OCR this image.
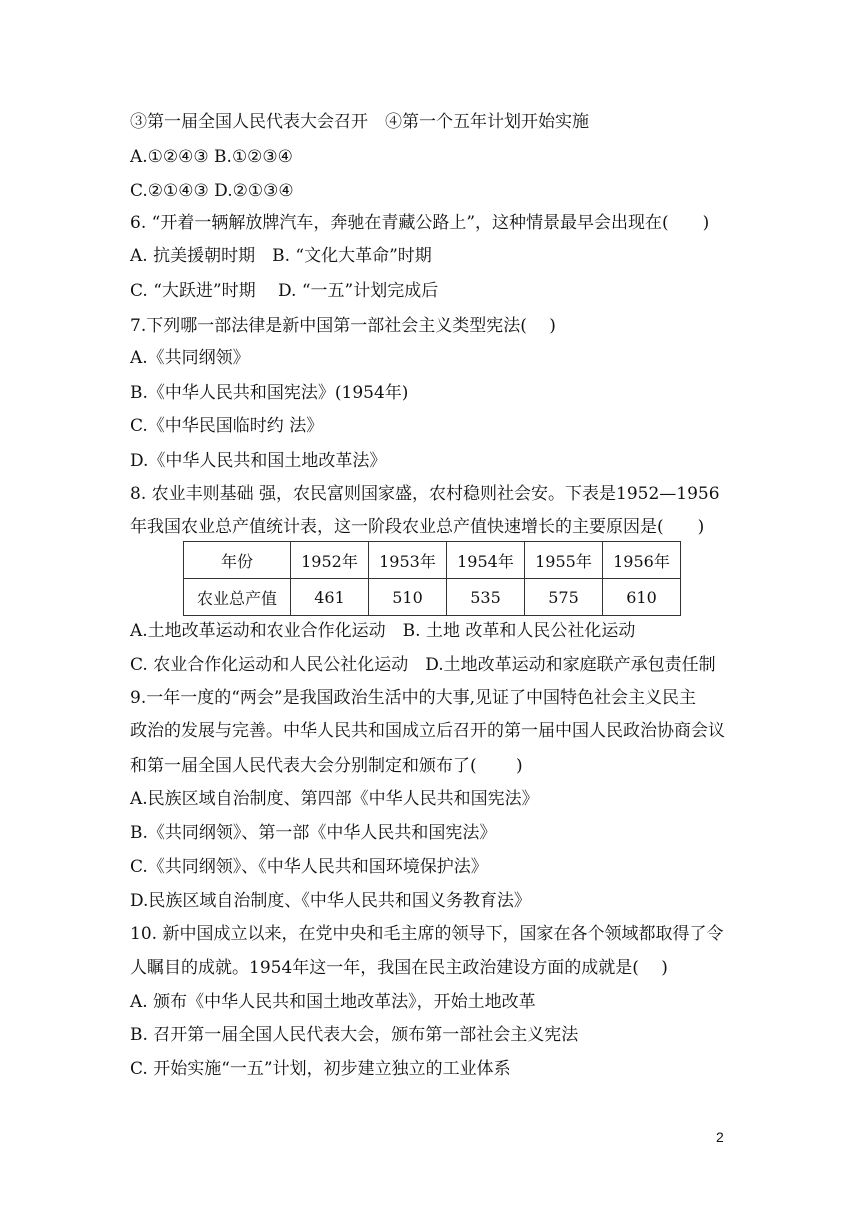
③第一届全国人民代表大会召开　④第一个五年计划开始实施
A.①②④③ B.①②③④
C.②①④③ D.②①③④
6. “开着一辆解放牌汽车，奔驰在青藏公路上”，这种情景最早会出现在(　　)
A. 抗美援朝时期　B. “文化大革命”时期
C. “大跃进”时期　 D. “一五”计划完成后
7.下列哪一部法律是新中国第一部社会主义类型宪法(　 )
A.《共同纲领》
B.《中华人民共和国宪法》(1954年)
C.《中华民国临时约 法》
D.《中华人民共和国土地改革法》
8. 农业丰则基础 强，农民富则国家盛，农村稳则社会安。下表是1952—1956
年我国农业总产值统计表，这一阶段农业总产值快速增长的主要原因是(　　)
年份	1952年	1953年	1954年	1955年	1956年
农业总产值	461	510	535	575	610
A.土地改革运动和农业合作化运动　B. 土地 改革和人民公社化运动
C. 农业合作化运动和人民公社化运动　D.土地改革运动和家庭联产承包责任制
9.一年一度的“两会”是我国政治生活中的大事,见证了中国特色社会主义民主
政治的发展与完善。中华人民共和国成立后召开的第一届中国人民政治协商会议
和第一届全国人民代表大会分别制定和颁布了(　　 )
A.民族区域自治制度、第四部《中华人民共和国宪法》
B.《共同纲领》、第一部《中华人民共和国宪法》
C.《共同纲领》、《中华人民共和国环境保护法》
D.民族区域自治制度、《中华人民共和国义务教育法》
10. 新中国成立以来，在党中央和毛主席的领导下，国家在各个领域都取得了令
人瞩目的成就。1954年这一年，我国在民主政治建设方面的成就是(　 )
A. 颁布《中华人民共和国土地改革法》，开始土地改革
B. 召开第一届全国人民代表大会，颁布第一部社会主义宪法
C. 开始实施“一五”计划，初步建立独立的工业体系
2
